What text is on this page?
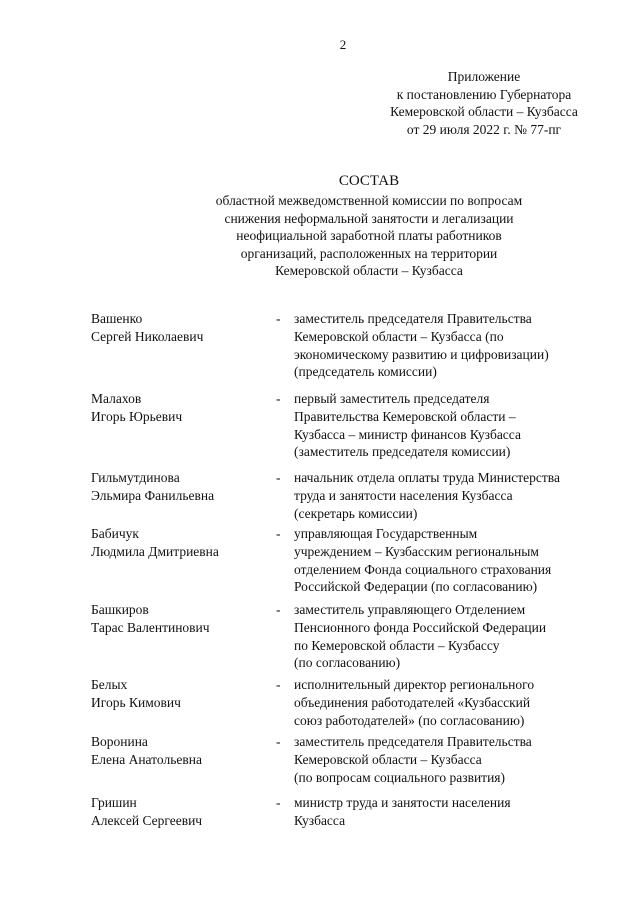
2
Приложение
к постановлению Губернатора
Кемеровской области – Кузбасса
от 29 июля 2022 г. № 77-пг
СОСТАВ
областной межведомственной комиссии по вопросам
снижения неформальной занятости и легализации
неофициальной заработной платы работников
организаций, расположенных на территории
Кемеровской области – Кузбасса
Вашенко
Сергей Николаевич
- заместитель председателя Правительства
Кемеровской области – Кузбасса (по
экономическому развитию и цифровизации)
(председатель комиссии)
Малахов
Игорь Юрьевич
- первый заместитель председателя
Правительства Кемеровской области –
Кузбасса – министр финансов Кузбасса
(заместитель председателя комиссии)
Гильмутдинова
Эльмира Фанильевна
- начальник отдела оплаты труда Министерства
труда и занятости населения Кузбасса
(секретарь комиссии)
Бабичук
Людмила Дмитриевна
- управляющая Государственным
учреждением – Кузбасским региональным
отделением Фонда социального страхования
Российской Федерации (по согласованию)
Башкиров
Тарас Валентинович
- заместитель управляющего Отделением
Пенсионного фонда Российской Федерации
по Кемеровской области – Кузбассу
(по согласованию)
Белых
Игорь Кимович
- исполнительный директор регионального
объединения работодателей «Кузбасский
союз работодателей» (по согласованию)
Воронина
Елена Анатольевна
- заместитель председателя Правительства
Кемеровской области – Кузбасса
(по вопросам социального развития)
Гришин
Алексей Сергеевич
- министр труда и занятости населения
Кузбасса
